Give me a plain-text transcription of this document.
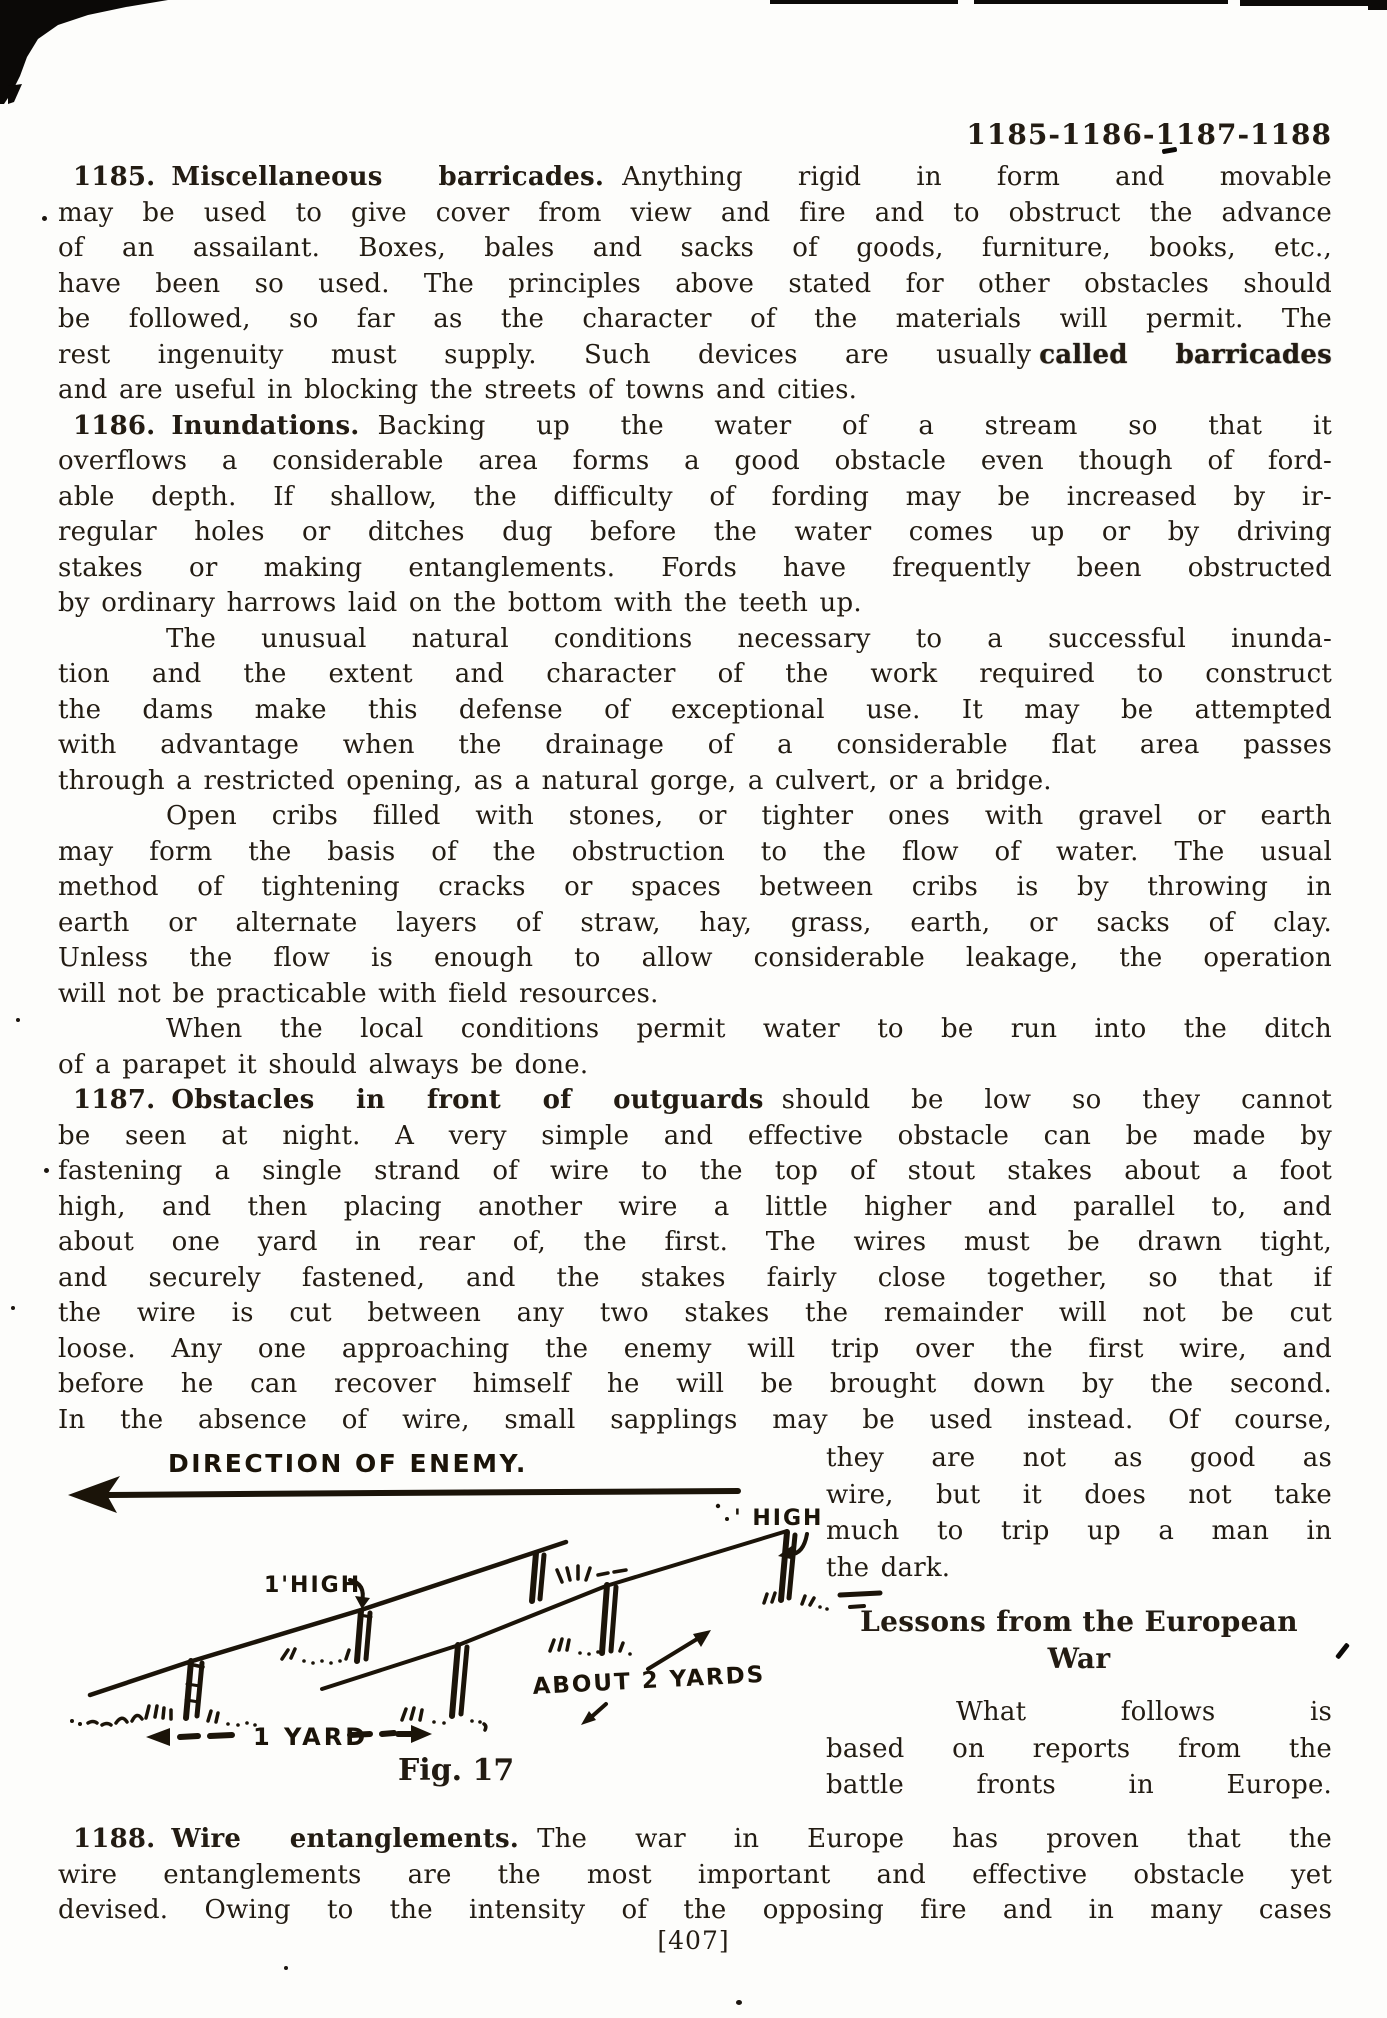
1185-1186-1187-1188
1185. Miscellaneous barricades. Anything rigid in form and movable
may be used to give cover from view and fire and to obstruct the advance
of an assailant. Boxes, bales and sacks of goods, furniture, books, etc.,
have been so used. The principles above stated for other obstacles should
be followed, so far as the character of the materials will permit. The
rest ingenuity must supply. Such devices are usually called barricades
and are useful in blocking the streets of towns and cities.
1186. Inundations. Backing up the water of a stream so that it
overflows a considerable area forms a good obstacle even though of ford-
able depth. If shallow, the difficulty of fording may be increased by ir-
regular holes or ditches dug before the water comes up or by driving
stakes or making entanglements. Fords have frequently been obstructed
by ordinary harrows laid on the bottom with the teeth up.
The unusual natural conditions necessary to a successful inunda-
tion and the extent and character of the work required to construct
the dams make this defense of exceptional use. It may be attempted
with advantage when the drainage of a considerable flat area passes
through a restricted opening, as a natural gorge, a culvert, or a bridge.
Open cribs filled with stones, or tighter ones with gravel or earth
may form the basis of the obstruction to the flow of water. The usual
method of tightening cracks or spaces between cribs is by throwing in
earth or alternate layers of straw, hay, grass, earth, or sacks of clay.
Unless the flow is enough to allow considerable leakage, the operation
will not be practicable with field resources.
When the local conditions permit water to be run into the ditch
of a parapet it should always be done.
1187. Obstacles in front of outguards should be low so they cannot
be seen at night. A very simple and effective obstacle can be made by
fastening a single strand of wire to the top of stout stakes about a foot
high, and then placing another wire a little higher and parallel to, and
about one yard in rear of, the first. The wires must be drawn tight,
and securely fastened, and the stakes fairly close together, so that if
the wire is cut between any two stakes the remainder will not be cut
loose. Any one approaching the enemy will trip over the first wire, and
before he can recover himself he will be brought down by the second.
In the absence of wire, small sapplings may be used instead. Of course,
they are not as good as
wire, but it does not take
much to trip up a man in
the dark.
Lessons from the European
War
What follows is
based on reports from the
battle fronts in Europe.
1188. Wire entanglements. The war in Europe has proven that the
wire entanglements are the most important and effective obstacle yet
devised. Owing to the intensity of the opposing fire and in many cases
[407]
DIRECTION OF ENEMY.
1'HIGH
' HIGH
ABOUT 2 YARDS
1 YARD
Fig. 17
